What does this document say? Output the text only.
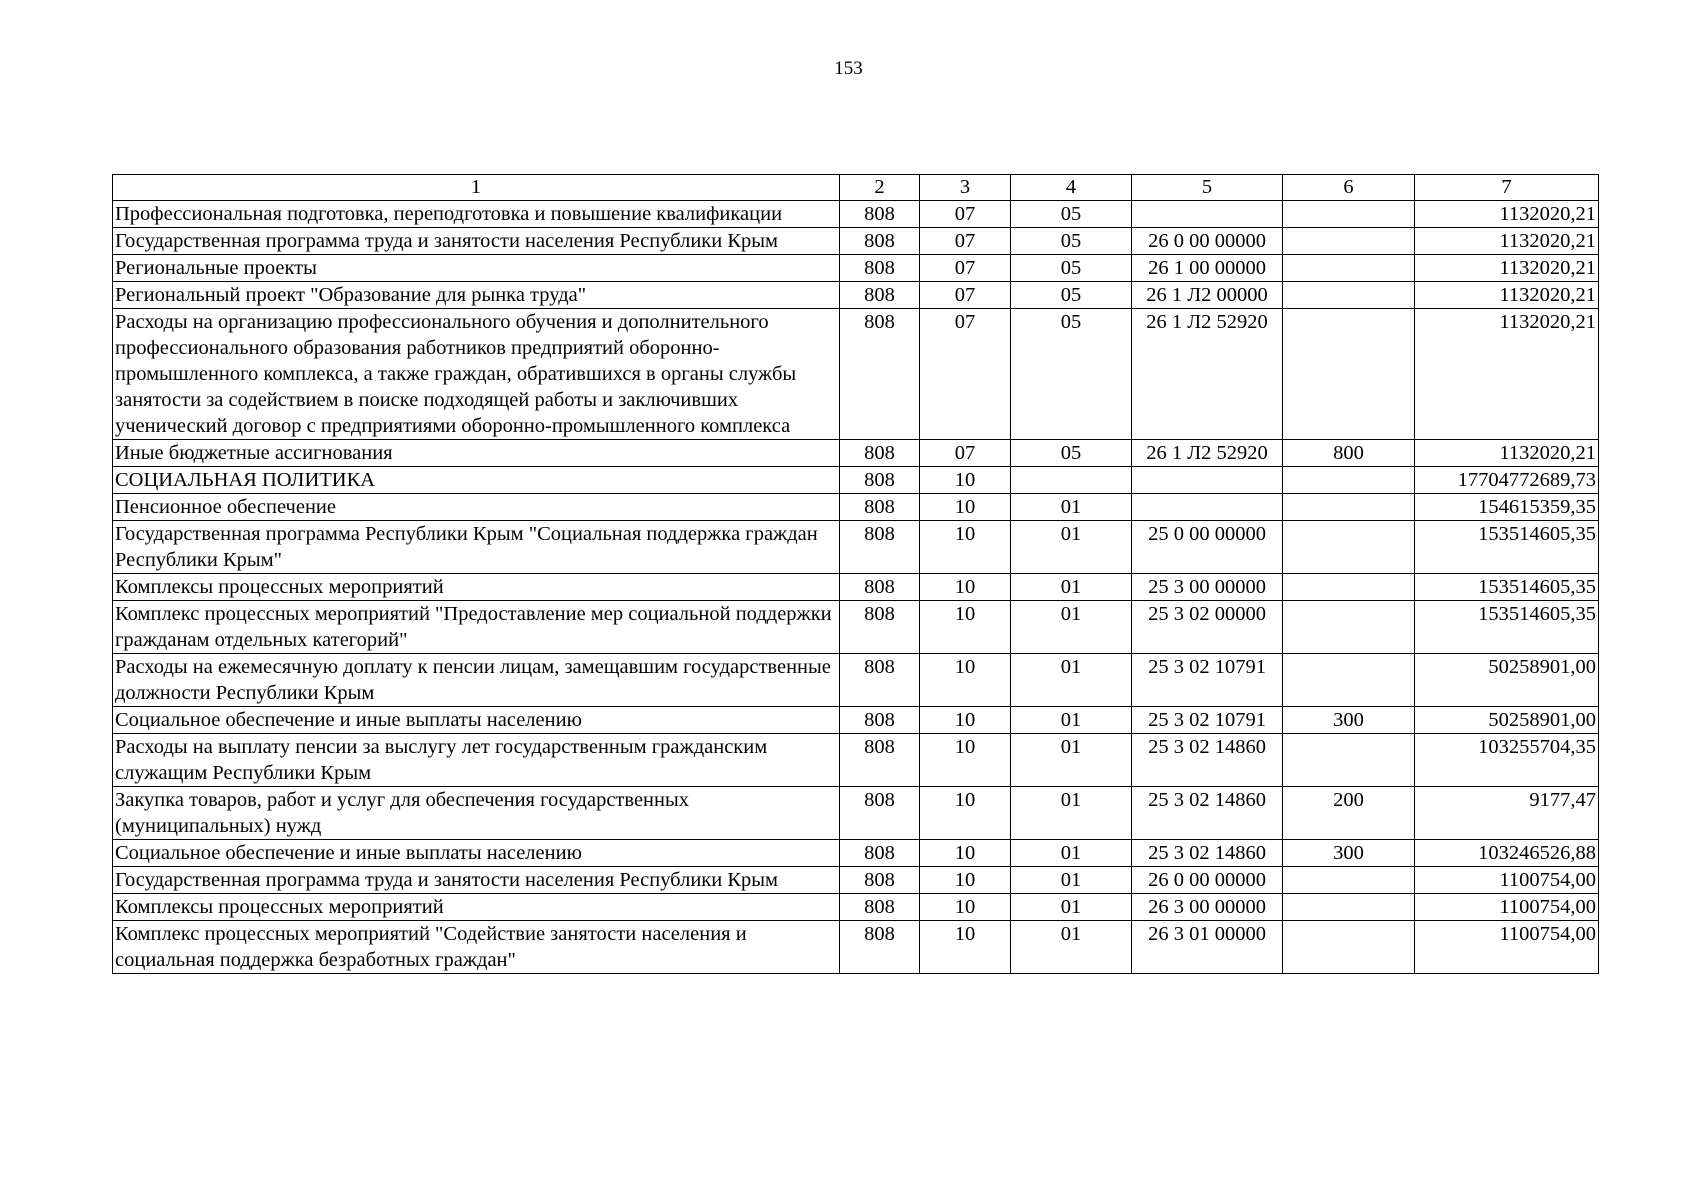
153
1	2	3	4	5	6	7
Профессиональная подготовка, переподготовка и повышение квалификации	808	07	05			1132020,21
Государственная программа труда и занятости населения Республики Крым	808	07	05	26 0 00 00000		1132020,21
Региональные проекты	808	07	05	26 1 00 00000		1132020,21
Региональный проект "Образование для рынка труда"	808	07	05	26 1 Л2 00000		1132020,21
Расходы на организацию профессионального обучения и дополнительного профессионального образования работников предприятий оборонно-промышленного комплекса, а также граждан, обратившихся в органы службы занятости за содействием в поиске подходящей работы и заключивших ученический договор с предприятиями оборонно-промышленного комплекса	808	07	05	26 1 Л2 52920		1132020,21
Иные бюджетные ассигнования	808	07	05	26 1 Л2 52920	800	1132020,21
СОЦИАЛЬНАЯ ПОЛИТИКА	808	10				17704772689,73
Пенсионное обеспечение	808	10	01			154615359,35
Государственная программа Республики Крым "Социальная поддержка граждан Республики Крым"	808	10	01	25 0 00 00000		153514605,35
Комплексы процессных мероприятий	808	10	01	25 3 00 00000		153514605,35
Комплекс процессных мероприятий "Предоставление мер социальной поддержки гражданам отдельных категорий"	808	10	01	25 3 02 00000		153514605,35
Расходы на ежемесячную доплату к пенсии лицам, замещавшим государственные должности Республики Крым	808	10	01	25 3 02 10791		50258901,00
Социальное обеспечение и иные выплаты населению	808	10	01	25 3 02 10791	300	50258901,00
Расходы на выплату пенсии за выслугу лет государственным гражданским служащим Республики Крым	808	10	01	25 3 02 14860		103255704,35
Закупка товаров, работ и услуг для обеспечения государственных (муниципальных) нужд	808	10	01	25 3 02 14860	200	9177,47
Социальное обеспечение и иные выплаты населению	808	10	01	25 3 02 14860	300	103246526,88
Государственная программа труда и занятости населения Республики Крым	808	10	01	26 0 00 00000		1100754,00
Комплексы процессных мероприятий	808	10	01	26 3 00 00000		1100754,00
Комплекс процессных мероприятий "Содействие занятости населения и социальная поддержка безработных граждан"	808	10	01	26 3 01 00000		1100754,00
